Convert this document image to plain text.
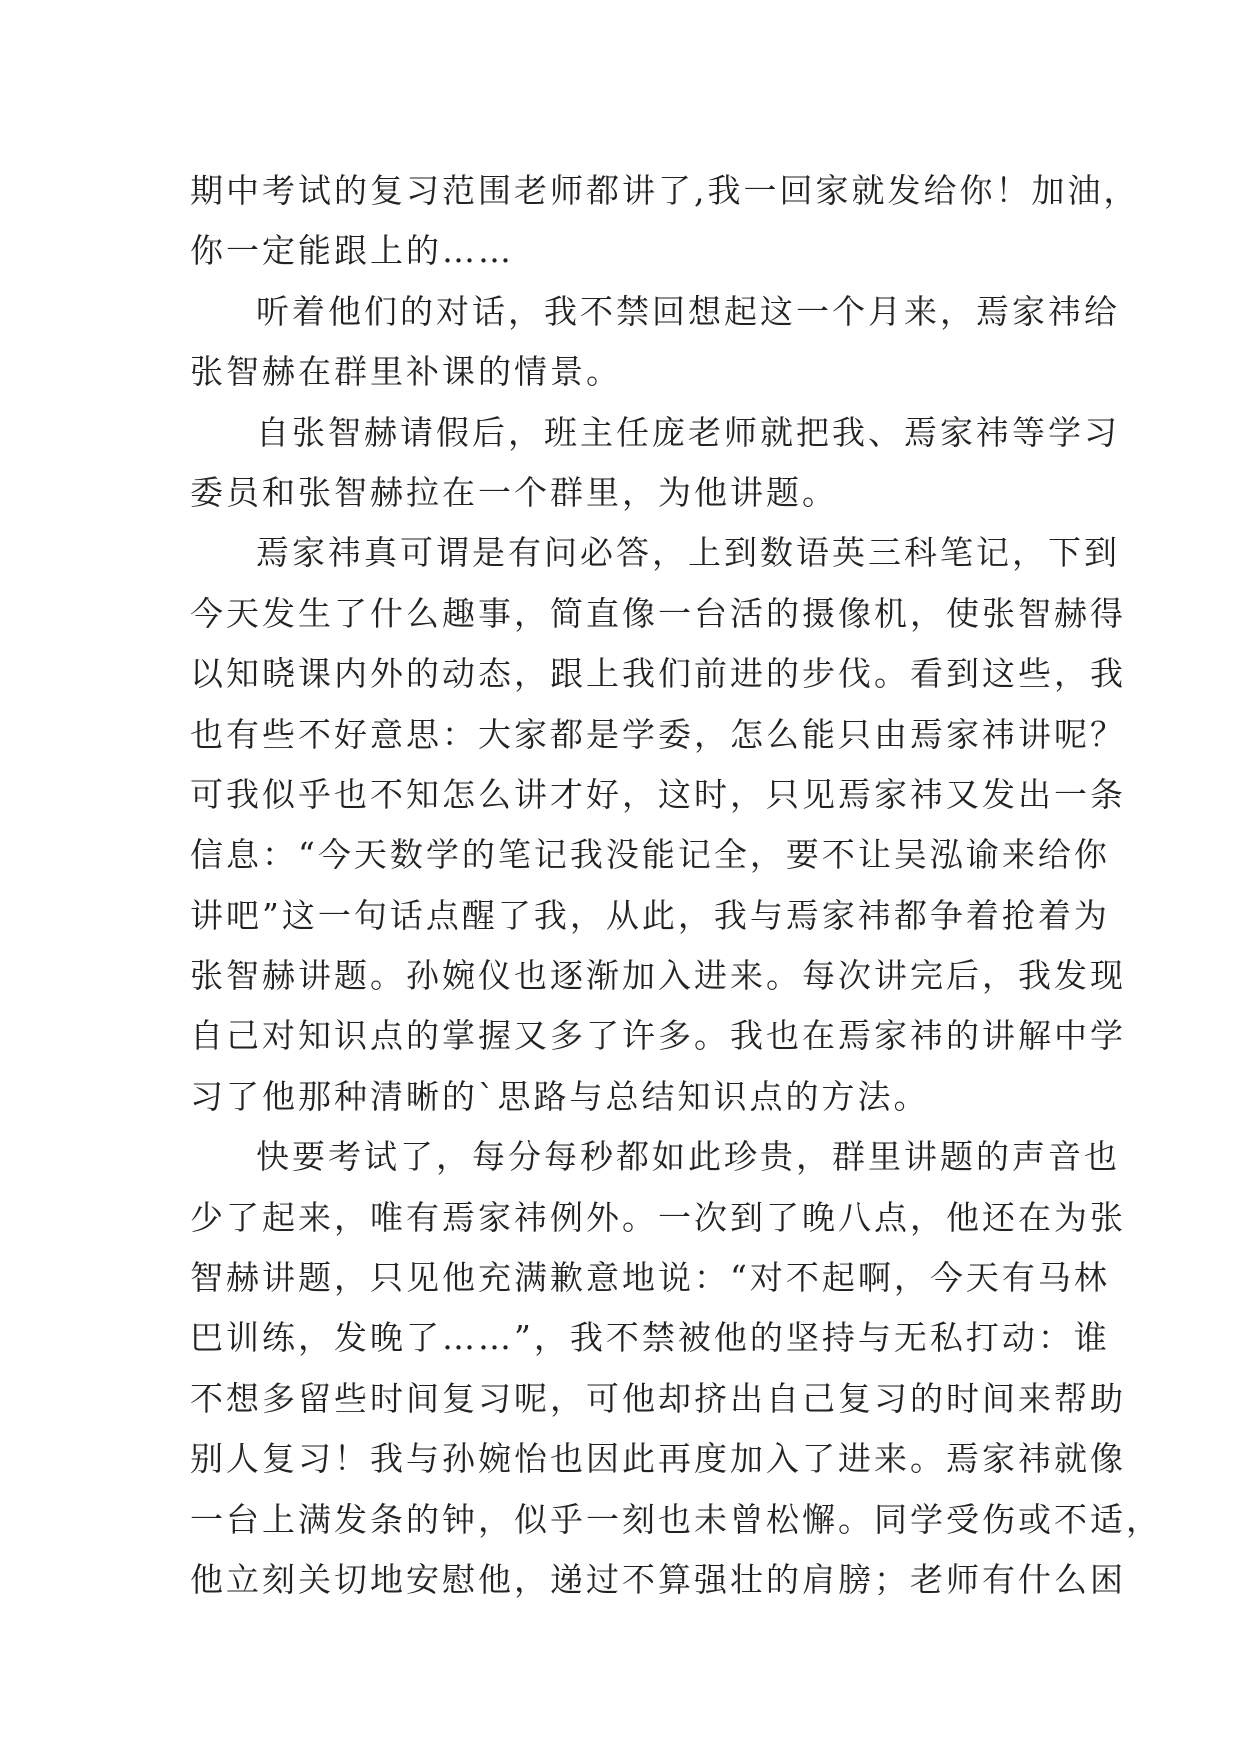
期中考试的复习范围老师都讲了,我一回家就发给你！加油，
你一定能跟上的……
听着他们的对话，我不禁回想起这一个月来，焉家祎给
张智赫在群里补课的情景。
自张智赫请假后，班主任庞老师就把我、焉家祎等学习
委员和张智赫拉在一个群里，为他讲题。
焉家祎真可谓是有问必答，上到数语英三科笔记，下到
今天发生了什么趣事，简直像一台活的摄像机，使张智赫得
以知晓课内外的动态，跟上我们前进的步伐。看到这些，我
也有些不好意思：大家都是学委，怎么能只由焉家祎讲呢？
可我似乎也不知怎么讲才好，这时，只见焉家祎又发出一条
信息：“今天数学的笔记我没能记全，要不让吴泓谕来给你
讲吧”这一句话点醒了我，从此，我与焉家祎都争着抢着为
张智赫讲题。孙婉仪也逐渐加入进来。每次讲完后，我发现
自己对知识点的掌握又多了许多。我也在焉家祎的讲解中学
习了他那种清晰的`思路与总结知识点的方法。
快要考试了，每分每秒都如此珍贵，群里讲题的声音也
少了起来，唯有焉家祎例外。一次到了晚八点，他还在为张
智赫讲题，只见他充满歉意地说：“对不起啊，今天有马林
巴训练，发晚了……”，我不禁被他的坚持与无私打动：谁
不想多留些时间复习呢，可他却挤出自己复习的时间来帮助
别人复习！我与孙婉怡也因此再度加入了进来。焉家祎就像
一台上满发条的钟，似乎一刻也未曾松懈。同学受伤或不适，
他立刻关切地安慰他，递过不算强壮的肩膀；老师有什么困
